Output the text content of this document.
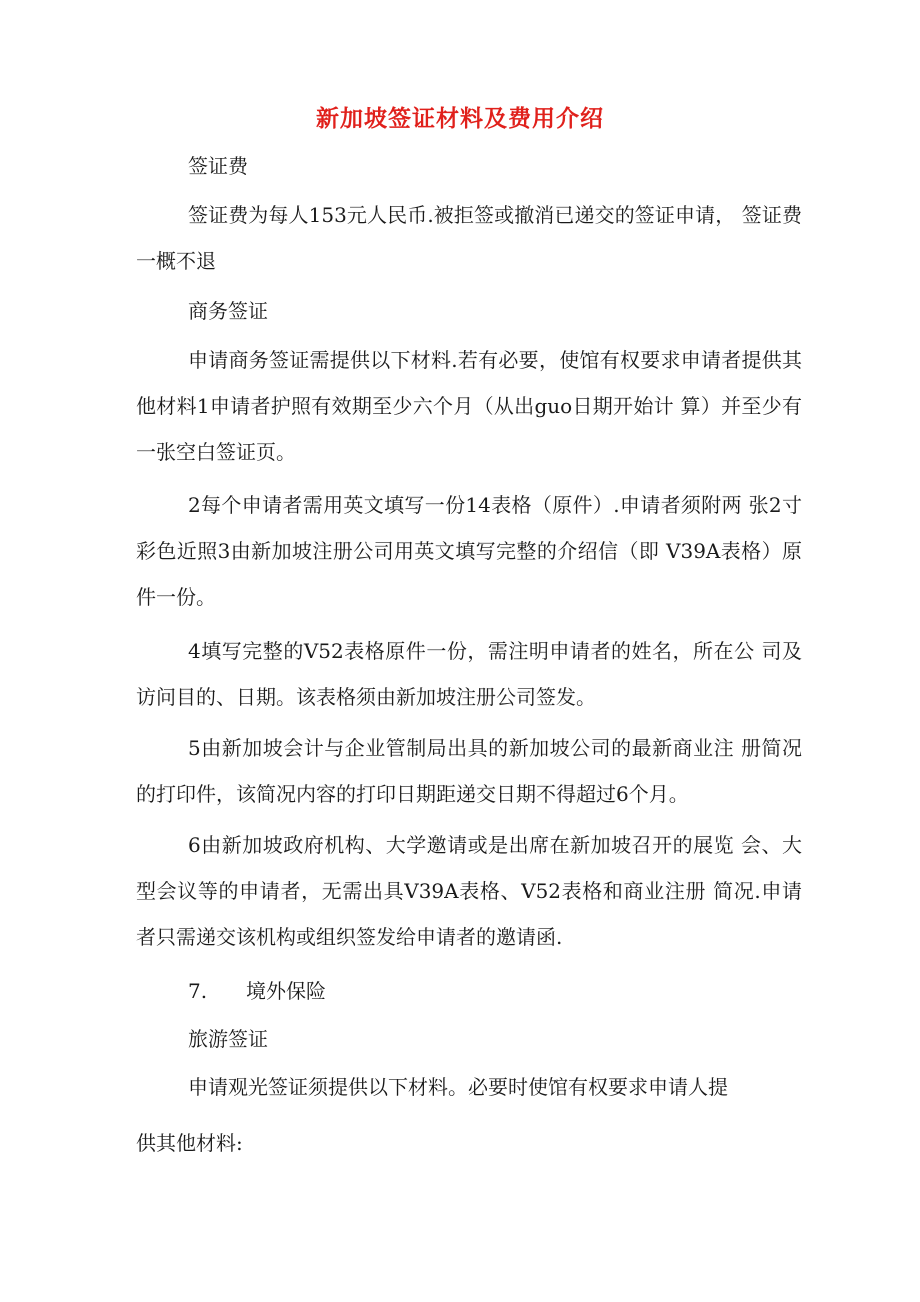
新加坡签证材料及费用介绍

签证费

签证费为每人153元人民币.被拒签或撤消已递交的签证申请， 签证费一概不退

商务签证

申请商务签证需提供以下材料.若有必要，使馆有权要求申请者提供其他材料1申请者护照有效期至少六个月（从出guo日期开始计 算）并至少有一张空白签证页。

2每个申请者需用英文填写一份14表格（原件）.申请者须附两 张2寸彩色近照3由新加坡注册公司用英文填写完整的介绍信（即 V39A表格）原件一份。

4填写完整的V52表格原件一份，需注明申请者的姓名，所在公 司及访问目的、日期。该表格须由新加坡注册公司签发。

5由新加坡会计与企业管制局出具的新加坡公司的最新商业注 册简况的打印件，该简况内容的打印日期距递交日期不得超过6个月。

6由新加坡政府机构、大学邀请或是出席在新加坡召开的展览 会、大型会议等的申请者，无需出具V39A表格、V52表格和商业注册 简况.申请者只需递交该机构或组织签发给申请者的邀请函.

7. 境外保险

旅游签证

申请观光签证须提供以下材料。必要时使馆有权要求申请人提

供其他材料:
